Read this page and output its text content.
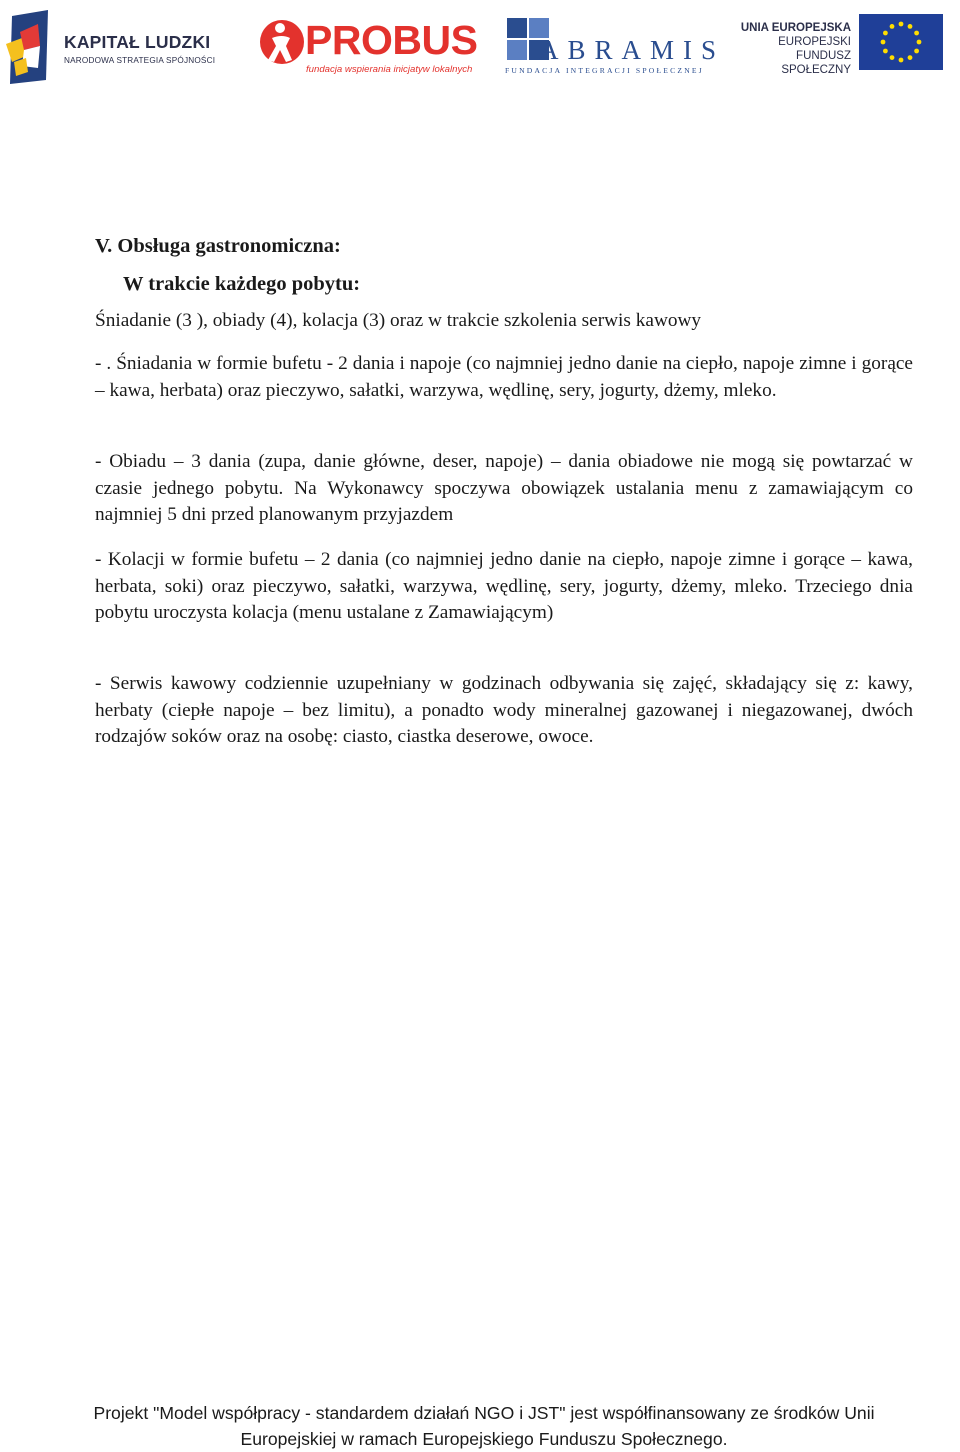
KAPITAŁ LUDZKI
NARODOWA STRATEGIA SPÓJNOŚCI PROBUS
fundacja wspierania inicjatyw lokalnych
ABRAMIS
FUNDACJA INTEGRACJI SPOŁECZNEJ
UNIA EUROPEJSKA
EUROPEJSKI
FUNDUSZ SPOŁECZNY

V. Obsługa gastronomiczna:

W trakcie każdego pobytu:

Śniadanie (3 ), obiady (4), kolacja (3) oraz w trakcie szkolenia serwis kawowy

- . Śniadania w formie bufetu - 2 dania i napoje (co najmniej jedno danie na ciepło, napoje zimne i gorące – kawa, herbata) oraz pieczywo, sałatki, warzywa, wędlinę, sery, jogurty, dżemy, mleko.

- Obiadu – 3 dania (zupa, danie główne, deser, napoje) – dania obiadowe nie mogą się powtarzać w czasie jednego pobytu. Na Wykonawcy spoczywa obowiązek ustalania menu z zamawiającym co najmniej 5 dni przed planowanym przyjazdem

- Kolacji w formie bufetu – 2 dania (co najmniej jedno danie na ciepło, napoje zimne i gorące – kawa, herbata, soki) oraz pieczywo, sałatki, warzywa, wędlinę, sery, jogurty, dżemy, mleko. Trzeciego dnia pobytu uroczysta kolacja (menu ustalane z Zamawiającym)

- Serwis kawowy codziennie uzupełniany w godzinach odbywania się zajęć, składający się z: kawy, herbaty (ciepłe napoje – bez limitu), a ponadto wody mineralnej gazowanej i niegazowanej, dwóch rodzajów soków oraz na osobę: ciasto, ciastka deserowe, owoce.

Projekt "Model współpracy - standardem działań NGO i JST" jest współfinansowany ze środków Unii
Europejskiej w ramach Europejskiego Funduszu Społecznego.
